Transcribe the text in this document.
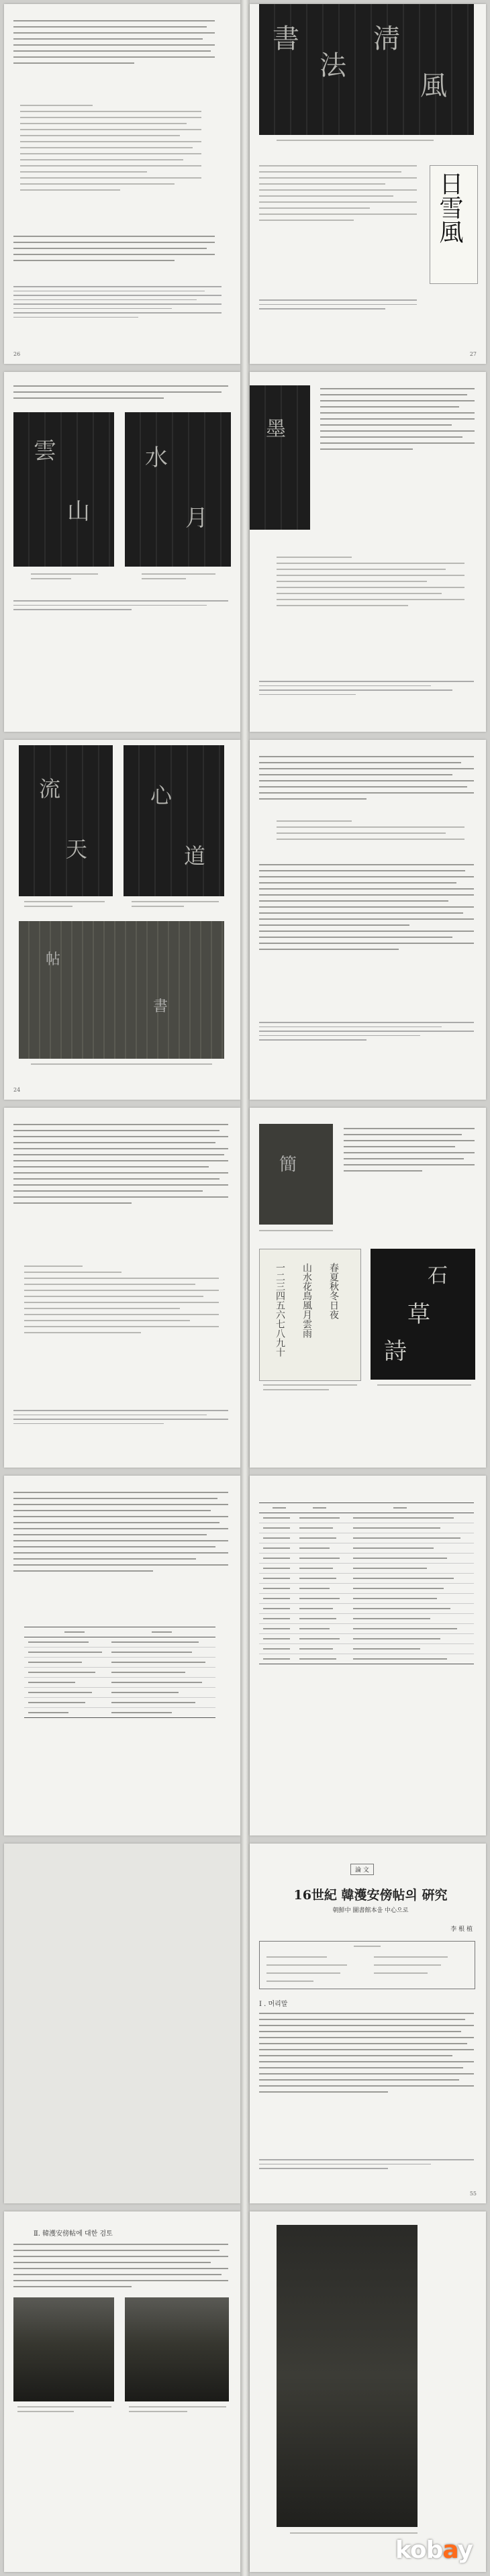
26
書
法
淸
風
日雪風
27
雲
山
水
月
墨
流
天
心
道
帖
書
24
簡
一二三四五六七八九十 山水花鳥風月雲雨 春夏秋冬日夜	石
草
詩
論 文
16世紀 韓濩安傍帖의 硏究
朝鮮中 圖書館本을 中心으로
李 根 植
I . 머리말
55
Ⅱ. 韓濩安傍帖에 대한 검토
kobay
